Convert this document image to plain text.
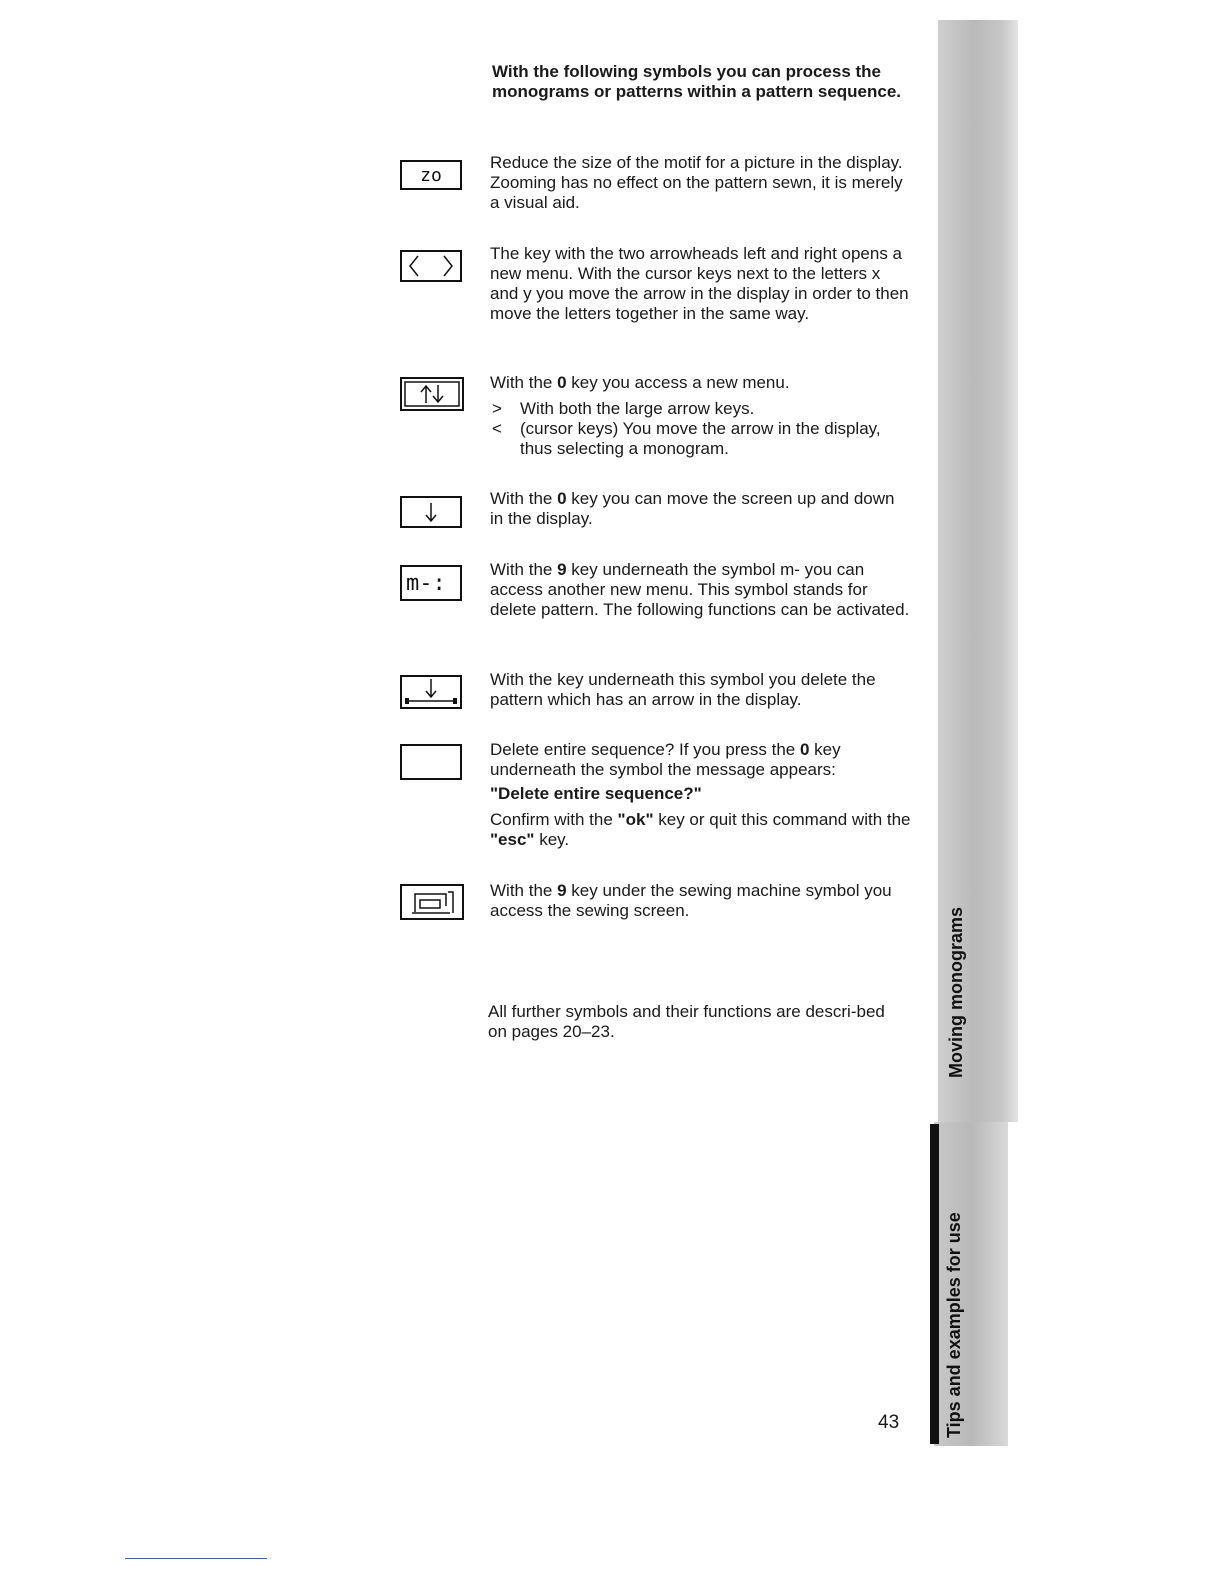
Moving monograms
Tips and examples for use
With the following symbols you can process the monograms or patterns within a pattern sequence.
zo

Reduce the size of the motif for a picture in the display. Zooming has no effect on the pattern sewn, it is merely a visual aid.

The key with the two arrowheads left and right opens a new menu. With the cursor keys next to the letters x and y you move the arrow in the display in order to then move the letters together in the same way.

With the 0 key you access a new menu.

>	With both the large arrow keys.
<	(cursor keys) You move the arrow in the display, thus selecting a monogram.

With the 0 key you can move the screen up and down in the display.

m-:

With the 9 key underneath the symbol m- you can access another new menu. This symbol stands for delete pattern. The following functions can be activated.

With the key underneath this symbol you delete the pattern which has an arrow in the display.

Delete entire sequence? If you press the 0 key underneath the symbol the message appears:

"Delete entire sequence?"

Confirm with the "ok" key or quit this command with the "esc" key.

With the 9 key under the sewing machine symbol you access the sewing screen.

All further symbols and their functions are descri-bed on pages 20–23.
43
